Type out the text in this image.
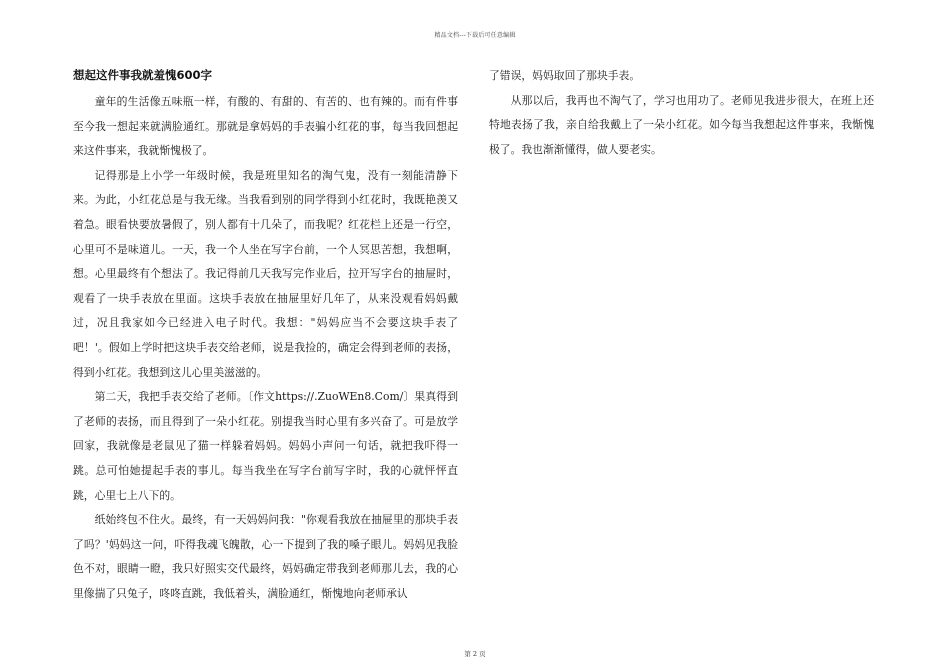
精品文档---下载后可任意编辑
想起这件事我就羞愧600字

童年的生活像五味瓶一样，有酸的、有甜的、有苦的、也有辣的。而有件事至今我一想起来就满脸通红。那就是拿妈妈的手表骗小红花的事，每当我回想起来这件事来，我就惭愧极了。

记得那是上小学一年级时候，我是班里知名的淘气鬼，没有一刻能清静下来。为此，小红花总是与我无缘。当我看到别的同学得到小红花时，我既艳羡又着急。眼看快要放暑假了，别人都有十几朵了，而我呢？红花栏上还是一行空，心里可不是味道儿。一天，我一个人坐在写字台前，一个人冥思苦想，我想啊，想。心里最终有个想法了。我记得前几天我写完作业后，拉开写字台的抽屉时，观看了一块手表放在里面。这块手表放在抽屉里好几年了，从来没观看妈妈戴过，况且我家如今已经进入电子时代。我想："妈妈应当不会要这块手表了吧！'。假如上学时把这块手表交给老师，说是我捡的，确定会得到老师的表扬，得到小红花。我想到这儿心里美滋滋的。

第二天，我把手表交给了老师。〔作文https://.ZuoWEn8.Com/〕果真得到了老师的表扬，而且得到了一朵小红花。别提我当时心里有多兴奋了。可是放学回家，我就像是老鼠见了猫一样躲着妈妈。妈妈小声问一句话，就把我吓得一跳。总可怕她提起手表的事儿。每当我坐在写字台前写字时，我的心就怦怦直跳，心里七上八下的。

纸始终包不住火。最终，有一天妈妈问我："你观看我放在抽屉里的那块手表了吗？'妈妈这一问，吓得我魂飞魄散，心一下提到了我的嗓子眼儿。妈妈见我脸色不对，眼睛一瞪，我只好照实交代最终，妈妈确定带我到老师那儿去，我的心里像揣了只兔子，咚咚直跳，我低着头，满脸通红，惭愧地向老师承认

了错误，妈妈取回了那块手表。

从那以后，我再也不淘气了，学习也用功了。老师见我进步很大，在班上还特地表扬了我，亲自给我戴上了一朵小红花。如今每当我想起这件事来，我惭愧极了。我也渐渐懂得，做人要老实。

第 2 页
